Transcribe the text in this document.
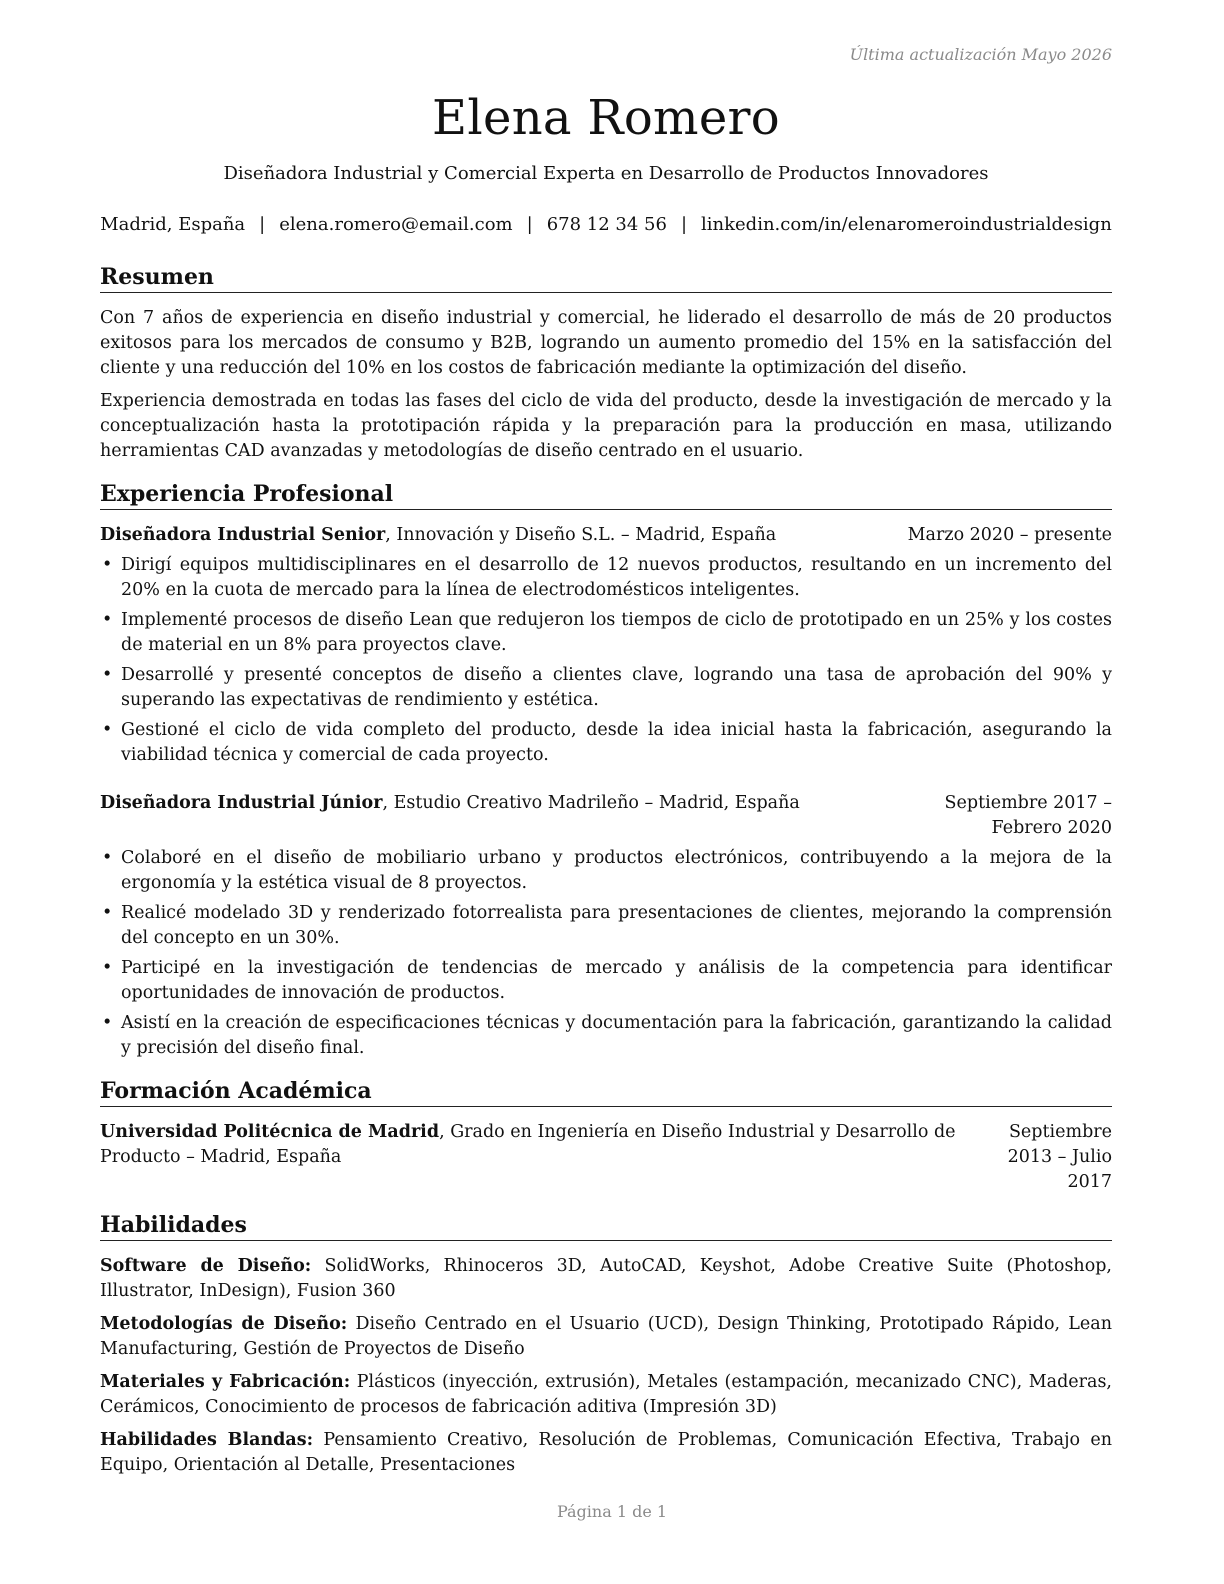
Última actualización Mayo 2026
Elena Romero
Diseñadora Industrial y Comercial Experta en Desarrollo de Productos Innovadores
Madrid, España | elena.romero@email.com | 678 12 34 56 | linkedin.com/in/elenaromeroindustrialdesign
Resumen

Con 7 años de experiencia en diseño industrial y comercial, he liderado el desarrollo de más de 20 productos exitosos para los mercados de consumo y B2B, logrando un aumento promedio del 15% en la satisfacción del cliente y una reducción del 10% en los costos de fabricación mediante la optimización del diseño.

Experiencia demostrada en todas las fases del ciclo de vida del producto, desde la investigación de mercado y la conceptualización hasta la prototipación rápida y la preparación para la producción en masa, utilizando herramientas CAD avanzadas y metodologías de diseño centrado en el usuario.

Experiencia Profesional
Diseñadora Industrial Senior, Innovación y Diseño S.L. – Madrid, España	Marzo 2020 – presente
• Dirigí equipos multidisciplinares en el desarrollo de 12 nuevos productos, resultando en un incremento del 20% en la cuota de mercado para la línea de electrodomésticos inteligentes.
• Implementé procesos de diseño Lean que redujeron los tiempos de ciclo de prototipado en un 25% y los costes de material en un 8% para proyectos clave.
• Desarrollé y presenté conceptos de diseño a clientes clave, logrando una tasa de aprobación del 90% y superando las expectativas de rendimiento y estética.
• Gestioné el ciclo de vida completo del producto, desde la idea inicial hasta la fabricación, asegurando la viabilidad técnica y comercial de cada proyecto.
Diseñadora Industrial Júnior, Estudio Creativo Madrileño – Madrid, España	Septiembre 2017 – Febrero 2020
• Colaboré en el diseño de mobiliario urbano y productos electrónicos, contribuyendo a la mejora de la ergonomía y la estética visual de 8 proyectos.
• Realicé modelado 3D y renderizado fotorrealista para presentaciones de clientes, mejorando la comprensión del concepto en un 30%.
• Participé en la investigación de tendencias de mercado y análisis de la competencia para identificar oportunidades de innovación de productos.
• Asistí en la creación de especificaciones técnicas y documentación para la fabricación, garantizando la calidad y precisión del diseño final.
Formación Académica
Universidad Politécnica de Madrid, Grado en Ingeniería en Diseño Industrial y Desarrollo de Producto – Madrid, España
Septiembre 2013 – Julio 2017
Habilidades
Software de Diseño: SolidWorks, Rhinoceros 3D, AutoCAD, Keyshot, Adobe Creative Suite (Photoshop, Illustrator, InDesign), Fusion 360
Metodologías de Diseño: Diseño Centrado en el Usuario (UCD), Design Thinking, Prototipado Rápido, Lean Manufacturing, Gestión de Proyectos de Diseño
Materiales y Fabricación: Plásticos (inyección, extrusión), Metales (estampación, mecanizado CNC), Maderas, Cerámicos, Conocimiento de procesos de fabricación aditiva (Impresión 3D)
Habilidades Blandas: Pensamiento Creativo, Resolución de Problemas, Comunicación Efectiva, Trabajo en Equipo, Orientación al Detalle, Presentaciones
Página 1 de 1
